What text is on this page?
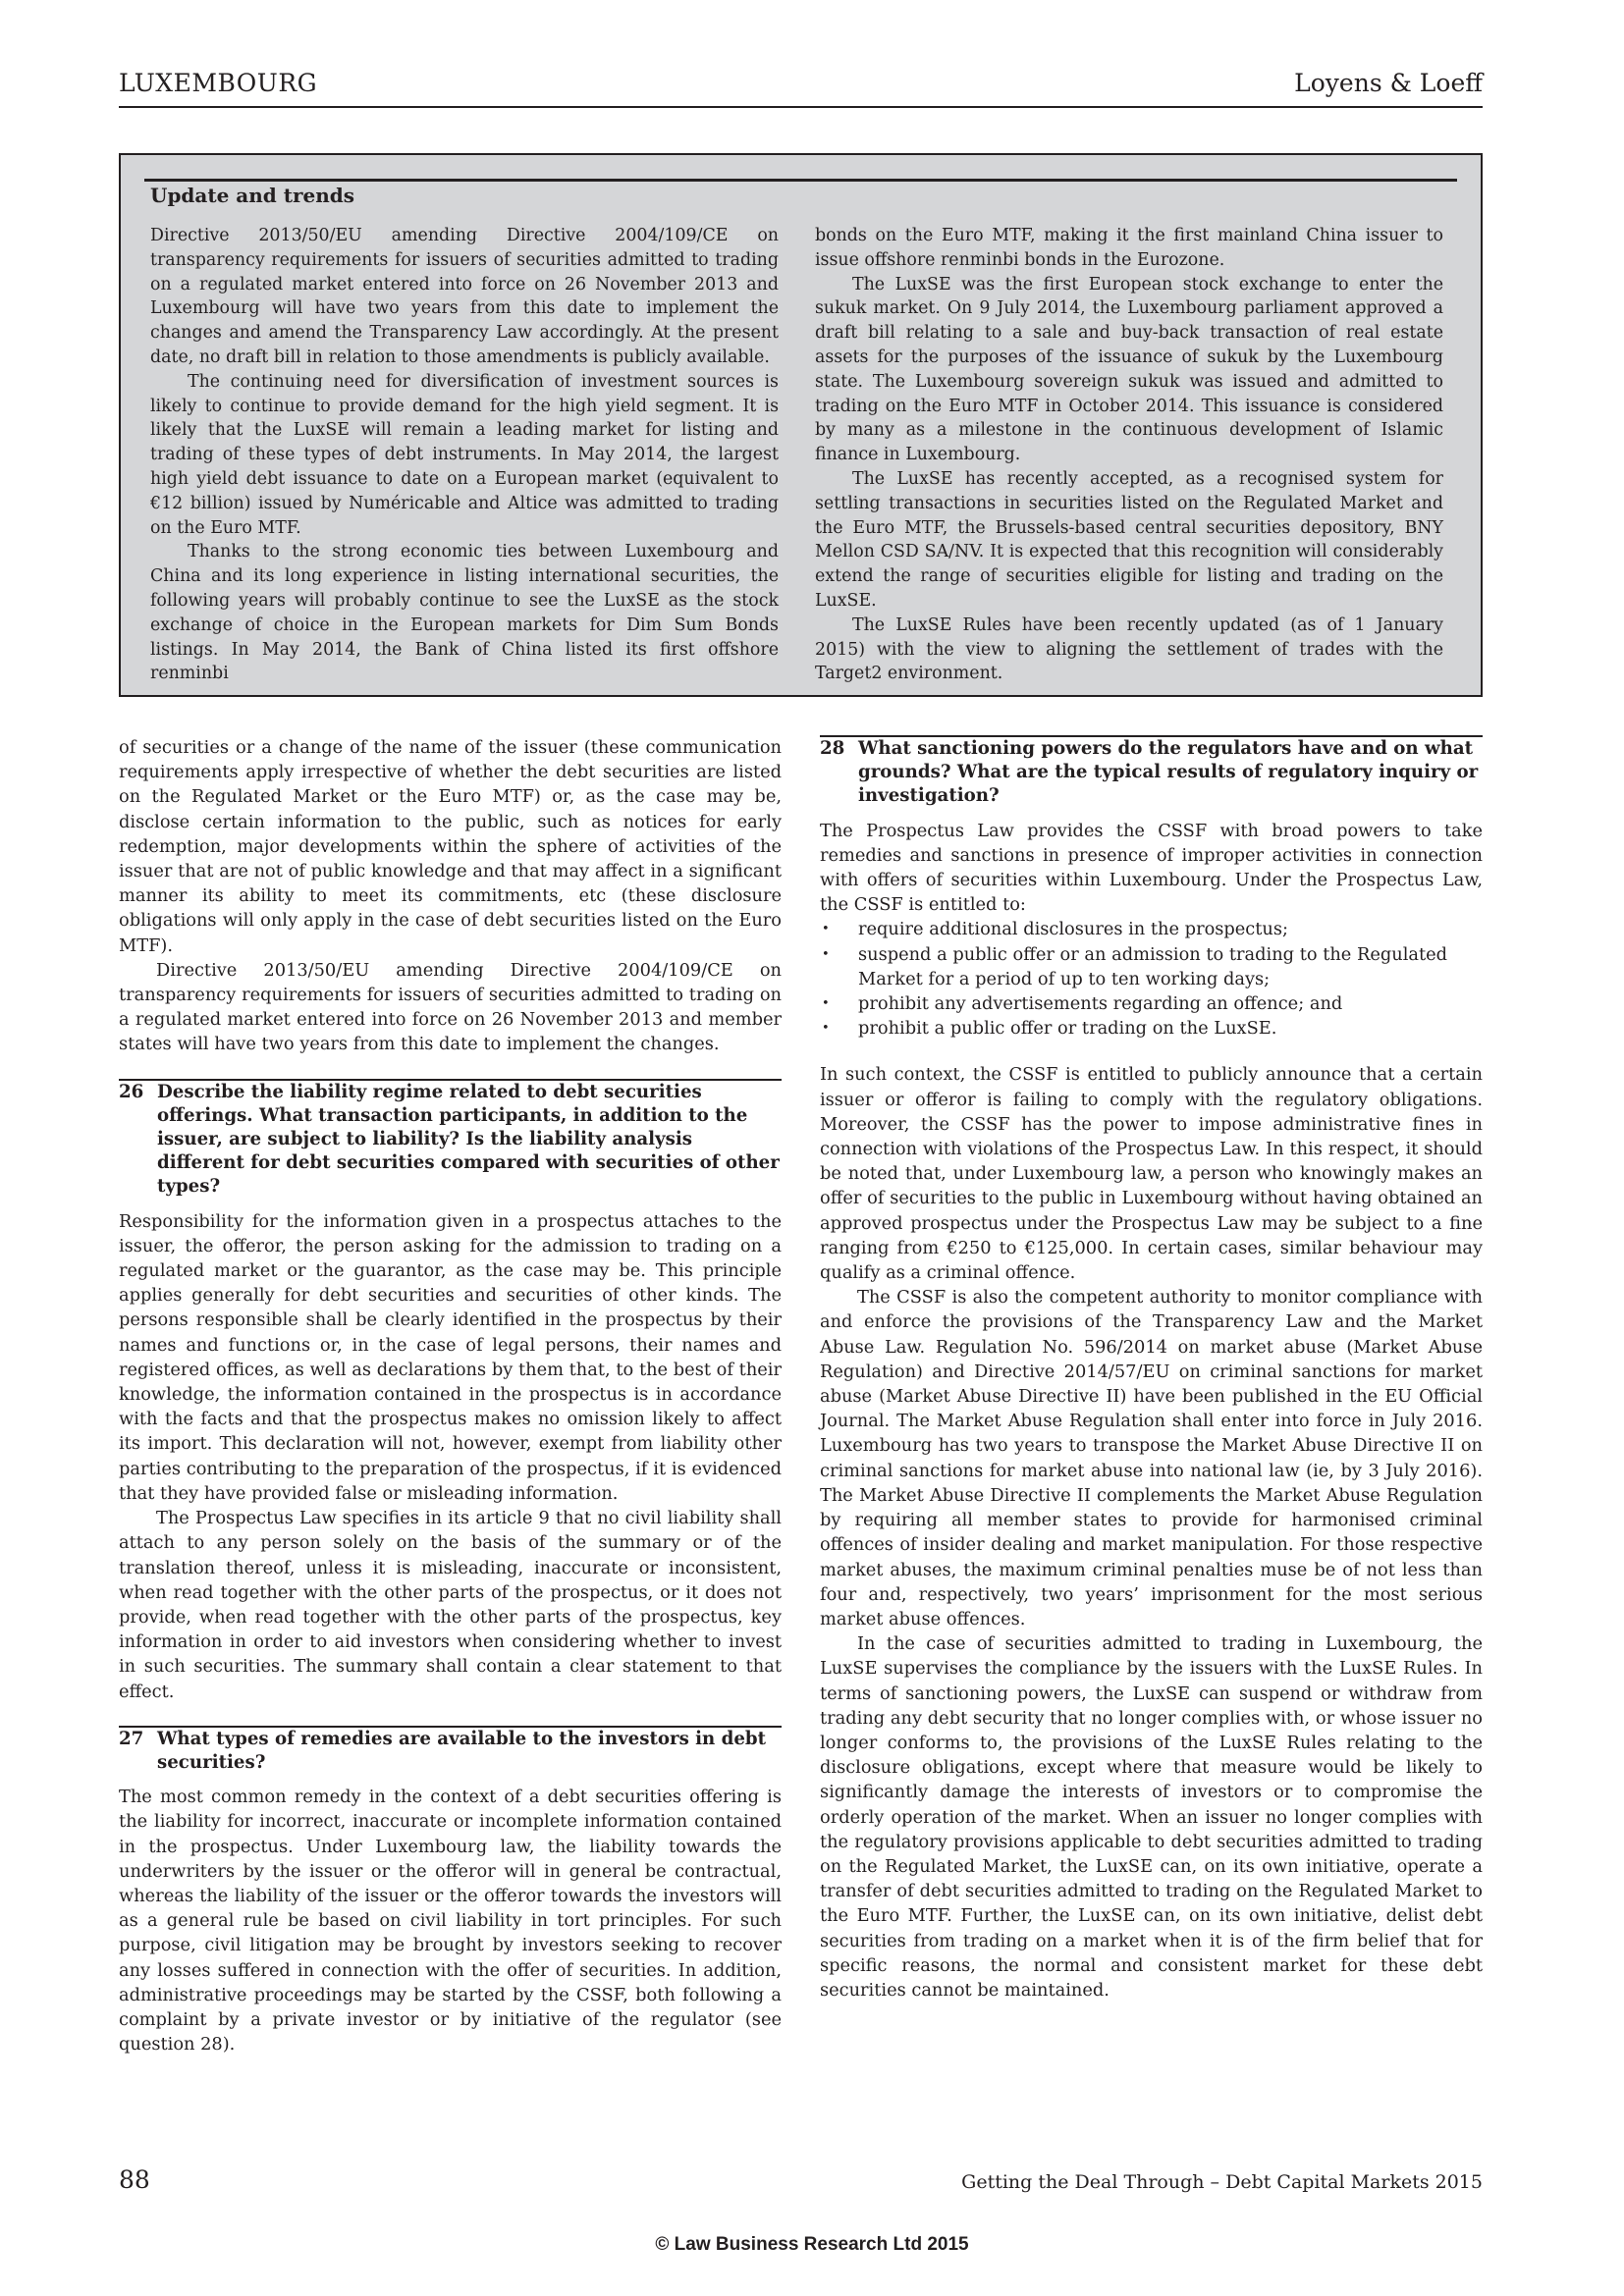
LUXEMBOURG	Loyens & Loeff
Update and trends

Directive 2013/50/EU amending Directive 2004/109/CE on transparency requirements for issuers of securities admitted to trading on a regulated market entered into force on 26 November 2013 and Luxembourg will have two years from this date to implement the changes and amend the Transparency Law accordingly. At the present date, no draft bill in relation to those amendments is publicly available.

The continuing need for diversification of investment sources is likely to continue to provide demand for the high yield segment. It is likely that the LuxSE will remain a leading market for listing and trading of these types of debt instruments. In May 2014, the largest high yield debt issuance to date on a European market (equivalent to €12 billion) issued by Numéricable and Altice was admitted to trading on the Euro MTF.

Thanks to the strong economic ties between Luxembourg and China and its long experience in listing international securities, the following years will probably continue to see the LuxSE as the stock exchange of choice in the European markets for Dim Sum Bonds listings. In May 2014, the Bank of China listed its first offshore renminbi

bonds on the Euro MTF, making it the first mainland China issuer to issue offshore renminbi bonds in the Eurozone.

The LuxSE was the first European stock exchange to enter the sukuk market. On 9 July 2014, the Luxembourg parliament approved a draft bill relating to a sale and buy-back transaction of real estate assets for the purposes of the issuance of sukuk by the Luxembourg state. The Luxembourg sovereign sukuk was issued and admitted to trading on the Euro MTF in October 2014. This issuance is considered by many as a milestone in the continuous development of Islamic finance in Luxembourg.

The LuxSE has recently accepted, as a recognised system for settling transactions in securities listed on the Regulated Market and the Euro MTF, the Brussels-based central securities depository, BNY Mellon CSD SA/NV. It is expected that this recognition will considerably extend the range of securities eligible for listing and trading on the LuxSE.

The LuxSE Rules have been recently updated (as of 1 January 2015) with the view to aligning the settlement of trades with the Target2 environment.

of securities or a change of the name of the issuer (these communication requirements apply irrespective of whether the debt securities are listed on the Regulated Market or the Euro MTF) or, as the case may be, disclose certain information to the public, such as notices for early redemption, major developments within the sphere of activities of the issuer that are not of public knowledge and that may affect in a significant manner its ability to meet its commitments, etc (these disclosure obligations will only apply in the case of debt securities listed on the Euro MTF).

Directive 2013/50/EU amending Directive 2004/109/CE on transparency requirements for issuers of securities admitted to trading on a regulated market entered into force on 26 November 2013 and member states will have two years from this date to implement the changes.

26 Describe the liability regime related to debt securities offerings. What transaction participants, in addition to the issuer, are subject to liability? Is the liability analysis different for debt securities compared with securities of other types?

Responsibility for the information given in a prospectus attaches to the issuer, the offeror, the person asking for the admission to trading on a regulated market or the guarantor, as the case may be. This principle applies generally for debt securities and securities of other kinds. The persons responsible shall be clearly identified in the prospectus by their names and functions or, in the case of legal persons, their names and registered offices, as well as declarations by them that, to the best of their knowledge, the information contained in the prospectus is in accordance with the facts and that the prospectus makes no omission likely to affect its import. This declaration will not, however, exempt from liability other parties contributing to the preparation of the prospectus, if it is evidenced that they have provided false or misleading information.

The Prospectus Law specifies in its article 9 that no civil liability shall attach to any person solely on the basis of the summary or of the translation thereof, unless it is misleading, inaccurate or inconsistent, when read together with the other parts of the prospectus, or it does not provide, when read together with the other parts of the prospectus, key information in order to aid investors when considering whether to invest in such securities. The summary shall contain a clear statement to that effect.

27 What types of remedies are available to the investors in debt securities?

The most common remedy in the context of a debt securities offering is the liability for incorrect, inaccurate or incomplete information contained in the prospectus. Under Luxembourg law, the liability towards the underwriters by the issuer or the offeror will in general be contractual, whereas the liability of the issuer or the offeror towards the investors will as a general rule be based on civil liability in tort principles. For such purpose, civil litigation may be brought by investors seeking to recover any losses suffered in connection with the offer of securities. In addition, administrative proceedings may be started by the CSSF, both following a complaint by a private investor or by initiative of the regulator (see question 28).

28 What sanctioning powers do the regulators have and on what grounds? What are the typical results of regulatory inquiry or investigation?

The Prospectus Law provides the CSSF with broad powers to take remedies and sanctions in presence of improper activities in connection with offers of securities within Luxembourg. Under the Prospectus Law, the CSSF is entitled to:

• require additional disclosures in the prospectus;
• suspend a public offer or an admission to trading to the Regulated Market for a period of up to ten working days;
• prohibit any advertisements regarding an offence; and
• prohibit a public offer or trading on the LuxSE.

In such context, the CSSF is entitled to publicly announce that a certain issuer or offeror is failing to comply with the regulatory obligations. Moreover, the CSSF has the power to impose administrative fines in connection with violations of the Prospectus Law. In this respect, it should be noted that, under Luxembourg law, a person who knowingly makes an offer of securities to the public in Luxembourg without having obtained an approved prospectus under the Prospectus Law may be subject to a fine ranging from €250 to €125,000. In certain cases, similar behaviour may qualify as a criminal offence.

The CSSF is also the competent authority to monitor compliance with and enforce the provisions of the Transparency Law and the Market Abuse Law. Regulation No. 596/2014 on market abuse (Market Abuse Regulation) and Directive 2014/57/EU on criminal sanctions for market abuse (Market Abuse Directive II) have been published in the EU Official Journal. The Market Abuse Regulation shall enter into force in July 2016. Luxembourg has two years to transpose the Market Abuse Directive II on criminal sanctions for market abuse into national law (ie, by 3 July 2016). The Market Abuse Directive II complements the Market Abuse Regulation by requiring all member states to provide for harmonised criminal offences of insider dealing and market manipulation. For those respective market abuses, the maximum criminal penalties muse be of not less than four and, respectively, two years’ imprisonment for the most serious market abuse offences.

In the case of securities admitted to trading in Luxembourg, the LuxSE supervises the compliance by the issuers with the LuxSE Rules. In terms of sanctioning powers, the LuxSE can suspend or withdraw from trading any debt security that no longer complies with, or whose issuer no longer conforms to, the provisions of the LuxSE Rules relating to the disclosure obligations, except where that measure would be likely to significantly damage the interests of investors or to compromise the orderly operation of the market. When an issuer no longer complies with the regulatory provisions applicable to debt securities admitted to trading on the Regulated Market, the LuxSE can, on its own initiative, operate a transfer of debt securities admitted to trading on the Regulated Market to the Euro MTF. Further, the LuxSE can, on its own initiative, delist debt securities from trading on a market when it is of the firm belief that for specific reasons, the normal and consistent market for these debt securities cannot be maintained.

88	Getting the Deal Through – Debt Capital Markets 2015
© Law Business Research Ltd 2015
